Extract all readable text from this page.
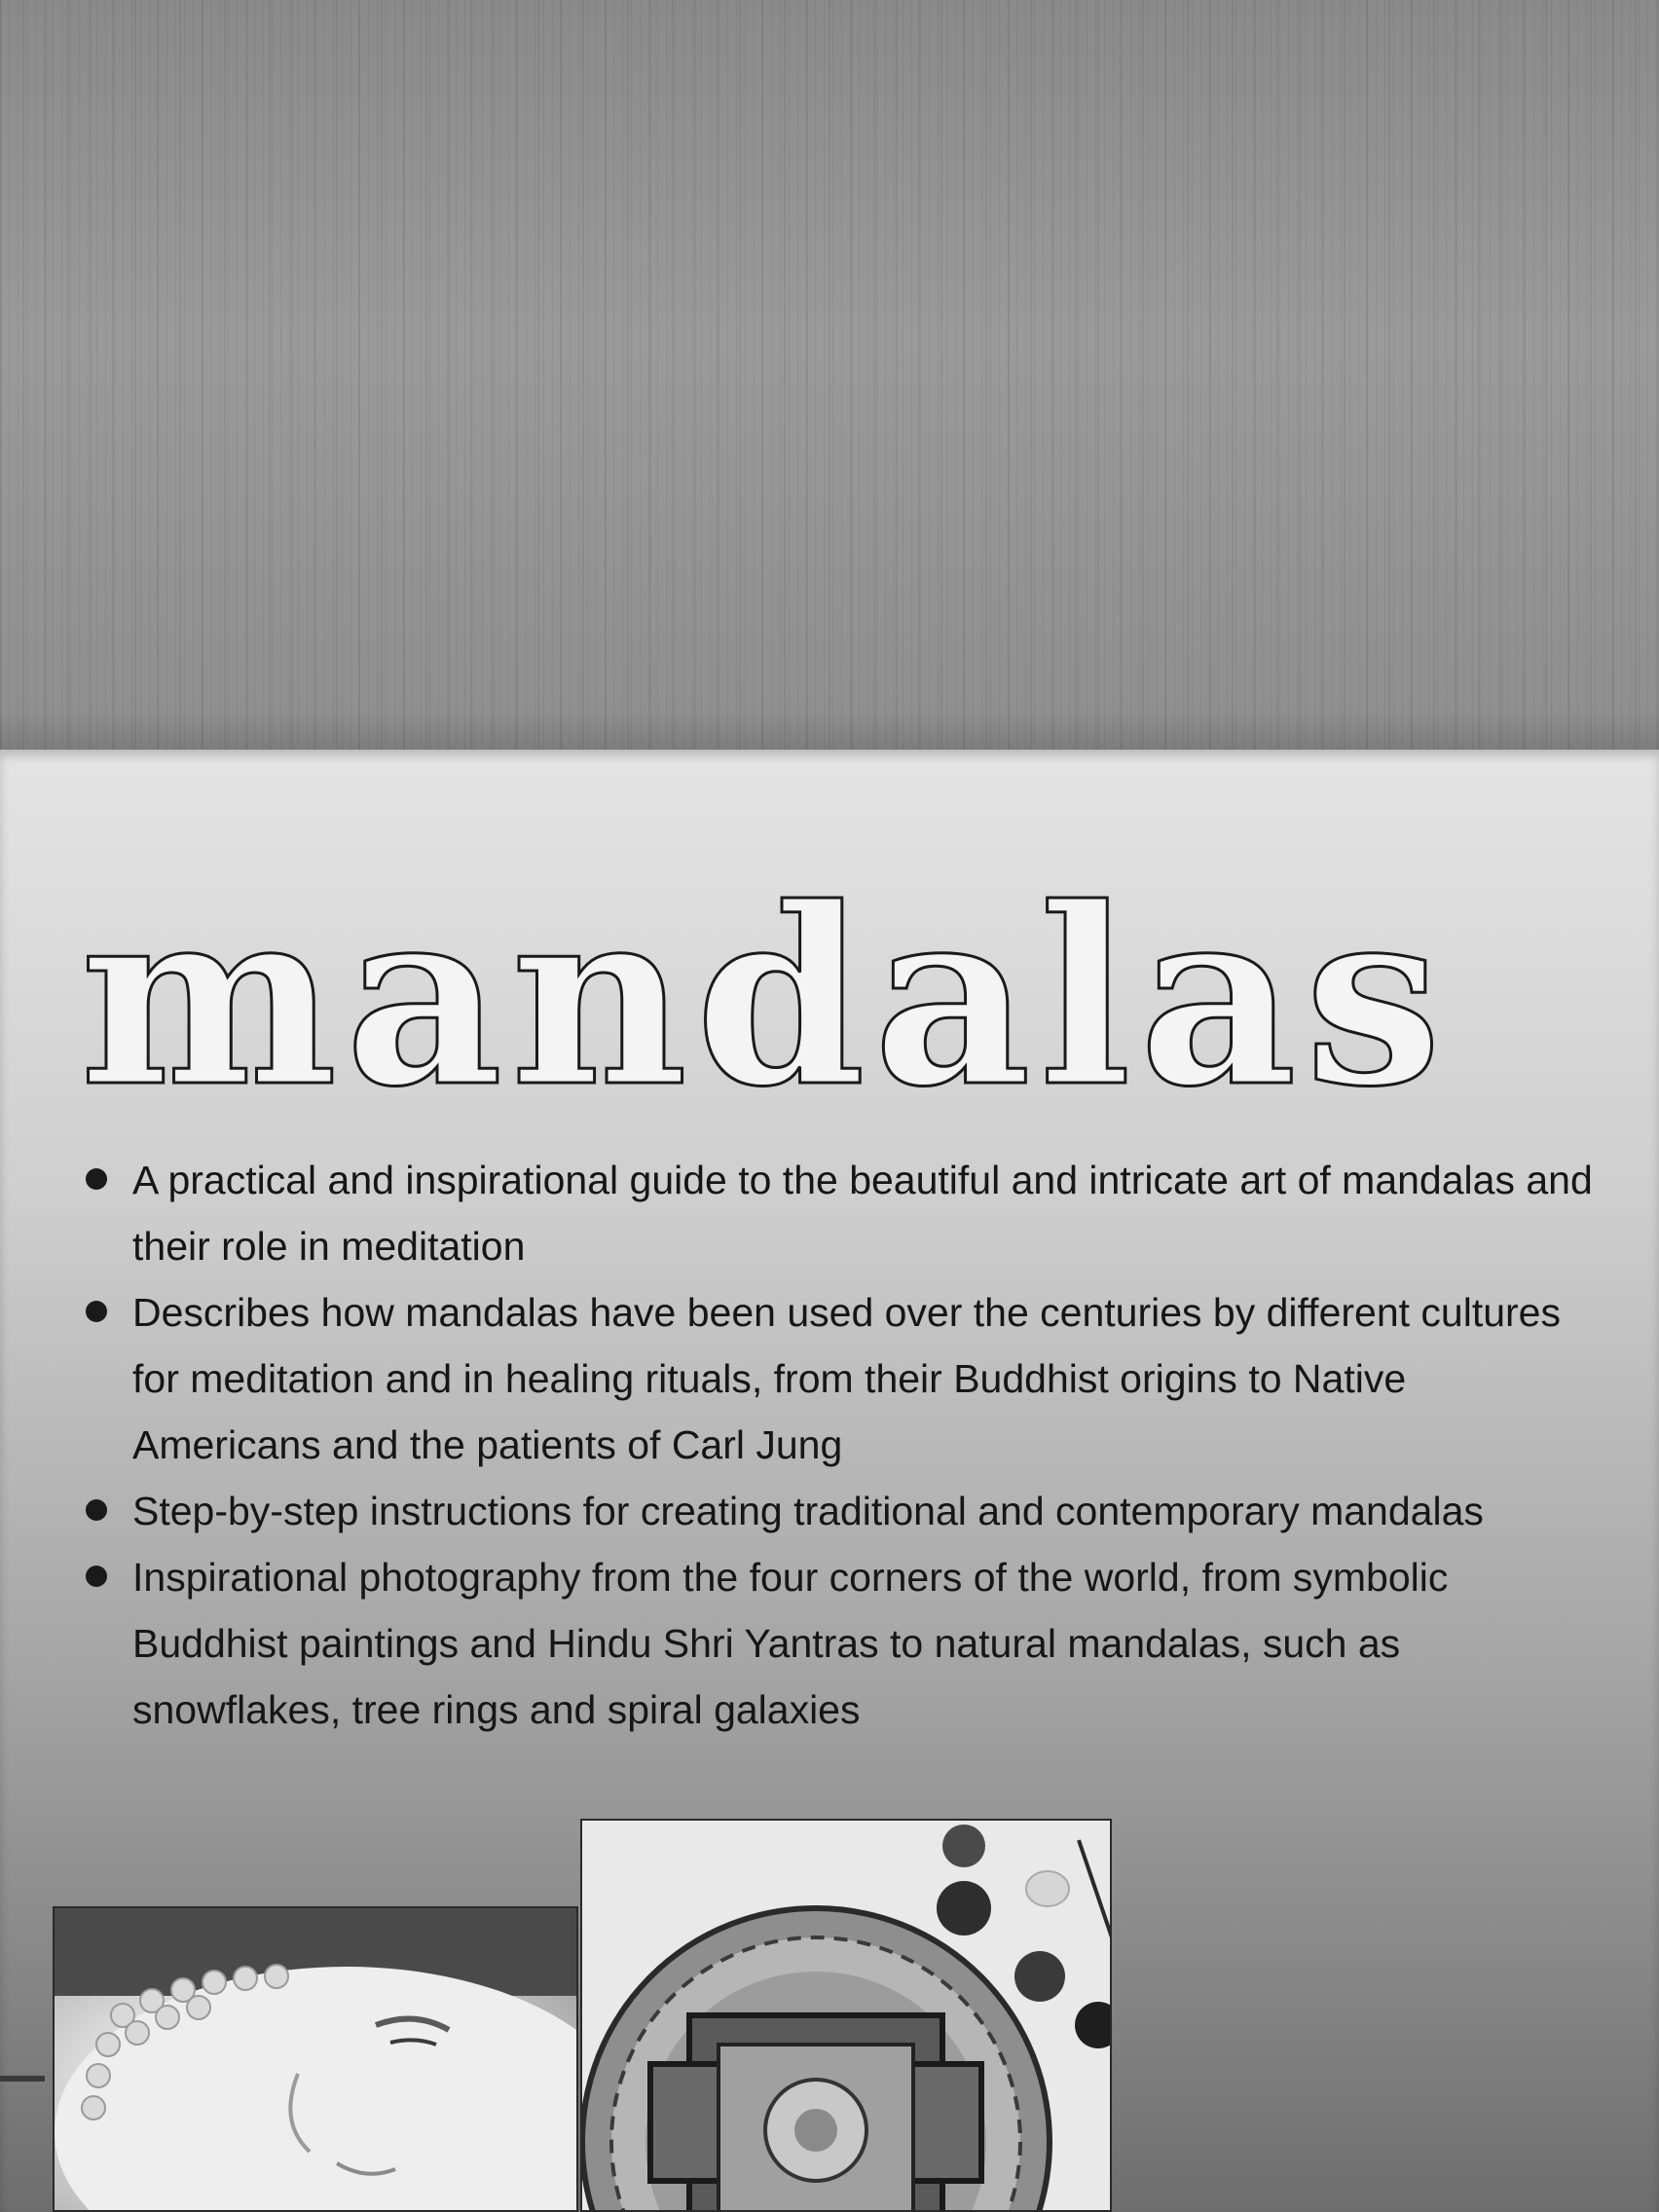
mandalas
A practical and inspirational guide to the beautiful and intricate art of mandalas and their role in meditation
Describes how mandalas have been used over the centuries by different cultures for meditation and in healing rituals, from their Buddhist origins to Native Americans and the patients of Carl Jung
Step-by-step instructions for creating traditional and contemporary mandalas
Inspirational photography from the four corners of the world, from symbolic Buddhist paintings and Hindu Shri Yantras to natural mandalas, such as snowflakes, tree rings and spiral galaxies
